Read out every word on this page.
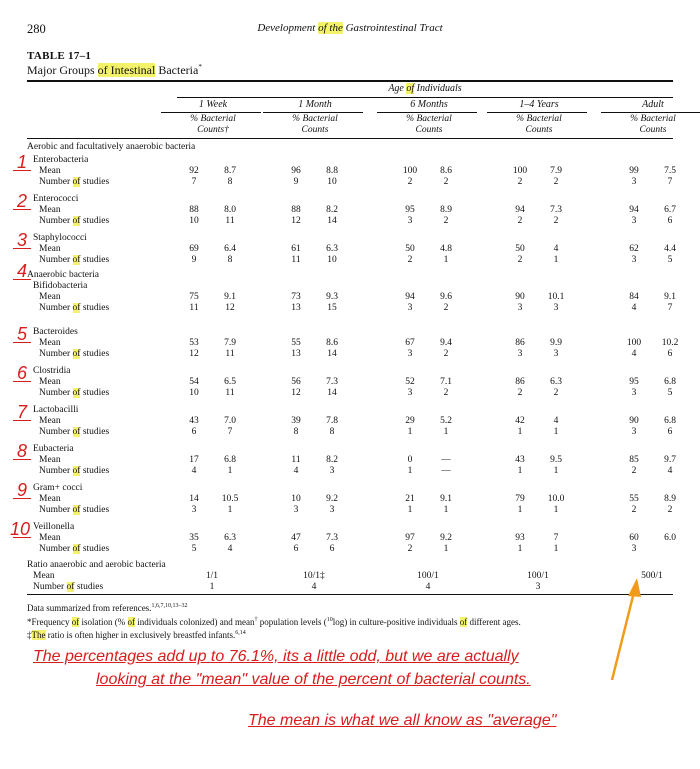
280	Development of the Gastrointestinal Tract
TABLE 17–1
Major Groups of Intestinal Bacteria*
Age of Individuals
1 Week
% Bacterial
Counts†
1 Month
% Bacterial
Counts
6 Months
% Bacterial
Counts
1–4 Years
% Bacterial
Counts
Adult
% Bacterial
Counts
Aerobic and facultatively anaerobic bacteria
Anaerobic bacteria
Enterobacteria
Mean
Number of studies
92	8.7	96	8.8	100	8.6	100	7.9	99	7.5
7	8	9	10	2	2	2	2	3	7
1
Enterococci
Mean
Number of studies
88	8.0	88	8.2	95	8.9	94	7.3	94	6.7
10	11	12	14	3	2	2	2	3	6
2
Staphylococci
Mean
Number of studies
69	6.4	61	6.3	50	4.8	50	4	62	4.4
9	8	11	10	2	1	2	1	3	5
3
Bifidobacteria
Mean
Number of studies
75	9.1	73	9.3	94	9.6	90	10.1	84	9.1
11	12	13	15	3	2	3	3	4	7
4
Bacteroides
Mean
Number of studies
53	7.9	55	8.6	67	9.4	86	9.9	100	10.2
12	11	13	14	3	2	3	3	4	6
5
Clostridia
Mean
Number of studies
54	6.5	56	7.3	52	7.1	86	6.3	95	6.8
10	11	12	14	3	2	2	2	3	5
6
Lactobacilli
Mean
Number of studies
43	7.0	39	7.8	29	5.2	42	4	90	6.8
6	7	8	8	1	1	1	1	3	6
7
Eubacteria
Mean
Number of studies
17	6.8	11	8.2	0	—	43	9.5	85	9.7
4	1	4	3	1	—	1	1	2	4
8
Gram+ cocci
Mean
Number of studies
14	10.5	10	9.2	21	9.1	79	10.0	55	8.9
3	1	3	3	1	1	1	1	2	2
9
Veillonella
Mean
Number of studies
35	6.3	47	7.3	97	9.2	93	7	60	6.0
5	4	6	6	2	1	1	1	3
10
Ratio anaerobic and aerobic bacteria
Mean
Number of studies
1/1	10/1‡	100/1	100/1	500/1
1	4	4	3
Data summarized from references.$^{1,6,7,10,13-32}$
*Frequency of isolation (% of individuals colonized) and mean† population levels ($^{10}$log) in culture-positive individuals of different ages.
‡The ratio is often higher in exclusively breastfed infants.$^{6,14}$
The percentages add up to 76.1%, its a little odd, but we are actually
looking at the "mean" value of the percent of bacterial counts.
The mean is what we all know as "average"
